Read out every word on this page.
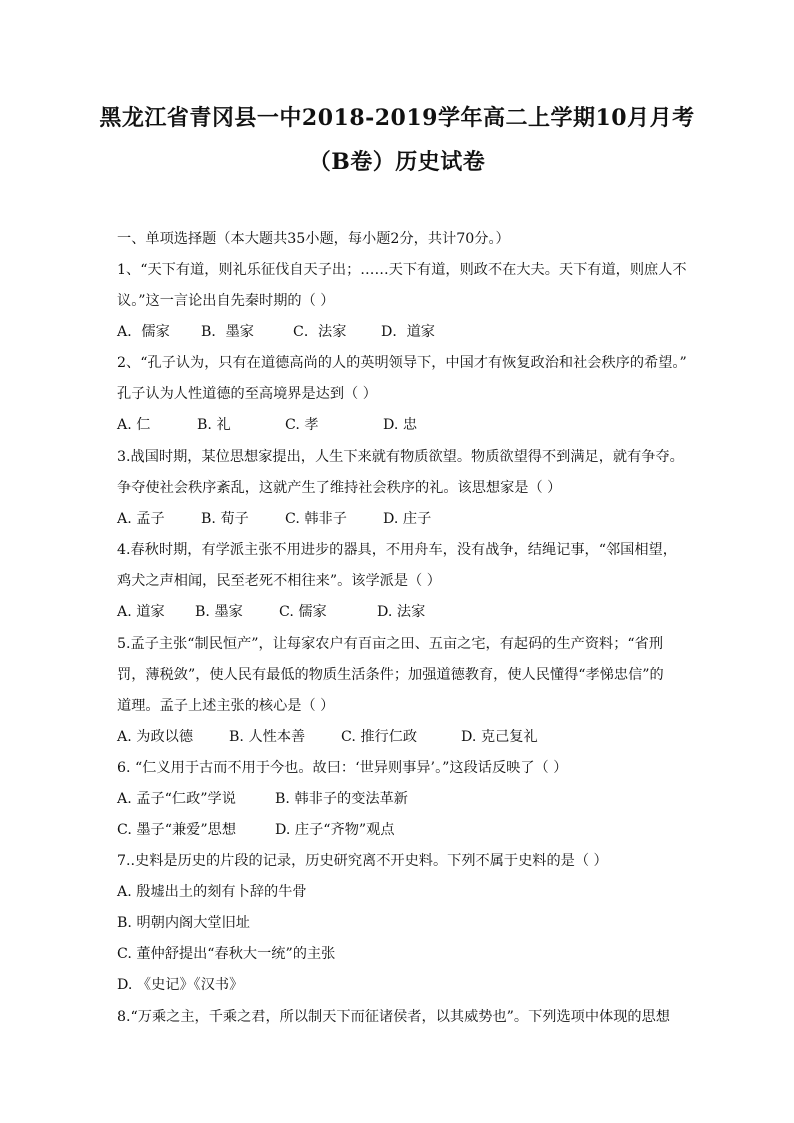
黑龙江省青冈县一中2018-2019学年高二上学期10月月考
（B卷）历史试卷
一、单项选择题（本大题共35小题，每小题2分，共计70分。）
1、“天下有道，则礼乐征伐自天子出；……天下有道，则政不在大夫。天下有道，则庶人不
议。”这一言论出自先秦时期的（ ）
A．儒家	B．墨家	C．法家	D．道家
2、“孔子认为，只有在道德高尚的人的英明领导下，中国才有恢复政治和社会秩序的希望。”
孔子认为人性道德的至高境界是达到（ ）
A. 仁	B. 礼	C. 孝	D. 忠
3.战国时期，某位思想家提出，人生下来就有物质欲望。物质欲望得不到满足，就有争夺。
争夺使社会秩序紊乱，这就产生了维持社会秩序的礼。该思想家是（ ）
A. 孟子	B. 荀子	C. 韩非子	D. 庄子
4.春秋时期，有学派主张不用进步的器具，不用舟车，没有战争，结绳记事，“邻国相望，
鸡犬之声相闻，民至老死不相往来”。该学派是（ ）
A. 道家	B. 墨家	C. 儒家	D. 法家
5.孟子主张“制民恒产”，让每家农户有百亩之田、五亩之宅，有起码的生产资料；“省刑
罚，薄税敛”，使人民有最低的物质生活条件；加强道德教育，使人民懂得“孝悌忠信”的
道理。孟子上述主张的核心是（ ）
A. 为政以德	B. 人性本善	C. 推行仁政	D. 克己复礼
6. “仁义用于古而不用于今也。故曰：‘世异则事异’。”这段话反映了（ ）
A. 孟子“仁政”学说	B. 韩非子的变法革新
C. 墨子“兼爱”思想	D. 庄子“齐物”观点
7..史料是历史的片段的记录，历史研究离不开史料。下列不属于史料的是（ ）
A. 殷墟出土的刻有卜辞的牛骨
B. 明朝内阁大堂旧址
C. 董仲舒提出“春秋大一统”的主张
D. 《史记》《汉书》
8.“万乘之主，千乘之君，所以制天下而征诸侯者，以其威势也”。下列选项中体现的思想
